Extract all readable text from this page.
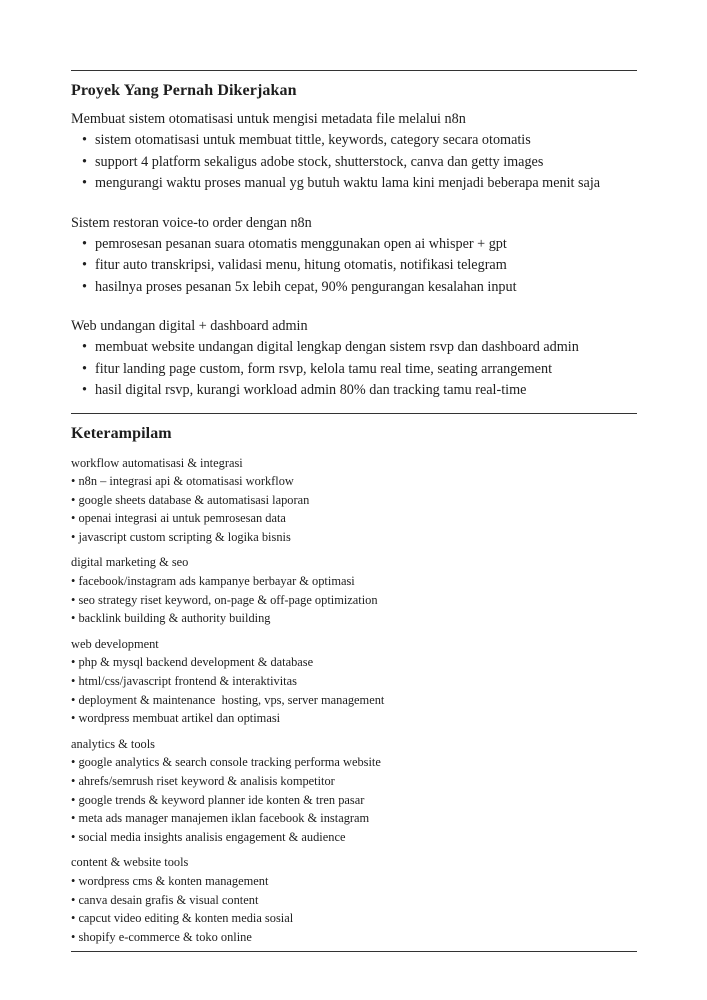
Proyek Yang Pernah Dikerjakan

Membuat sistem otomatisasi untuk mengisi metadata file melalui n8n

• sistem otomatisasi untuk membuat tittle, keywords, category secara otomatis
• support 4 platform sekaligus adobe stock, shutterstock, canva dan getty images
• mengurangi waktu proses manual yg butuh waktu lama kini menjadi beberapa menit saja

Sistem restoran voice-to order dengan n8n

• pemrosesan pesanan suara otomatis menggunakan open ai whisper + gpt
• fitur auto transkripsi, validasi menu, hitung otomatis, notifikasi telegram
• hasilnya proses pesanan 5x lebih cepat, 90% pengurangan kesalahan input

Web undangan digital + dashboard admin

• membuat website undangan digital lengkap dengan sistem rsvp dan dashboard admin
• fitur landing page custom, form rsvp, kelola tamu real time, seating arrangement
• hasil digital rsvp, kurangi workload admin 80% dan tracking tamu real-time
Keterampilam

workflow automatisasi & integrasi

• n8n – integrasi api & otomatisasi workflow
• google sheets database & automatisasi laporan
• openai integrasi ai untuk pemrosesan data
• javascript custom scripting & logika bisnis

digital marketing & seo

• facebook/instagram ads kampanye berbayar & optimasi
• seo strategy riset keyword, on-page & off-page optimization
• backlink building & authority building

web development

• php & mysql backend development & database
• html/css/javascript frontend & interaktivitas
• deployment & maintenance  hosting, vps, server management
• wordpress membuat artikel dan optimasi

analytics & tools

• google analytics & search console tracking performa website
• ahrefs/semrush riset keyword & analisis kompetitor
• google trends & keyword planner ide konten & tren pasar
• meta ads manager manajemen iklan facebook & instagram
• social media insights analisis engagement & audience

content & website tools

• wordpress cms & konten management
• canva desain grafis & visual content
• capcut video editing & konten media sosial
• shopify e-commerce & toko online
